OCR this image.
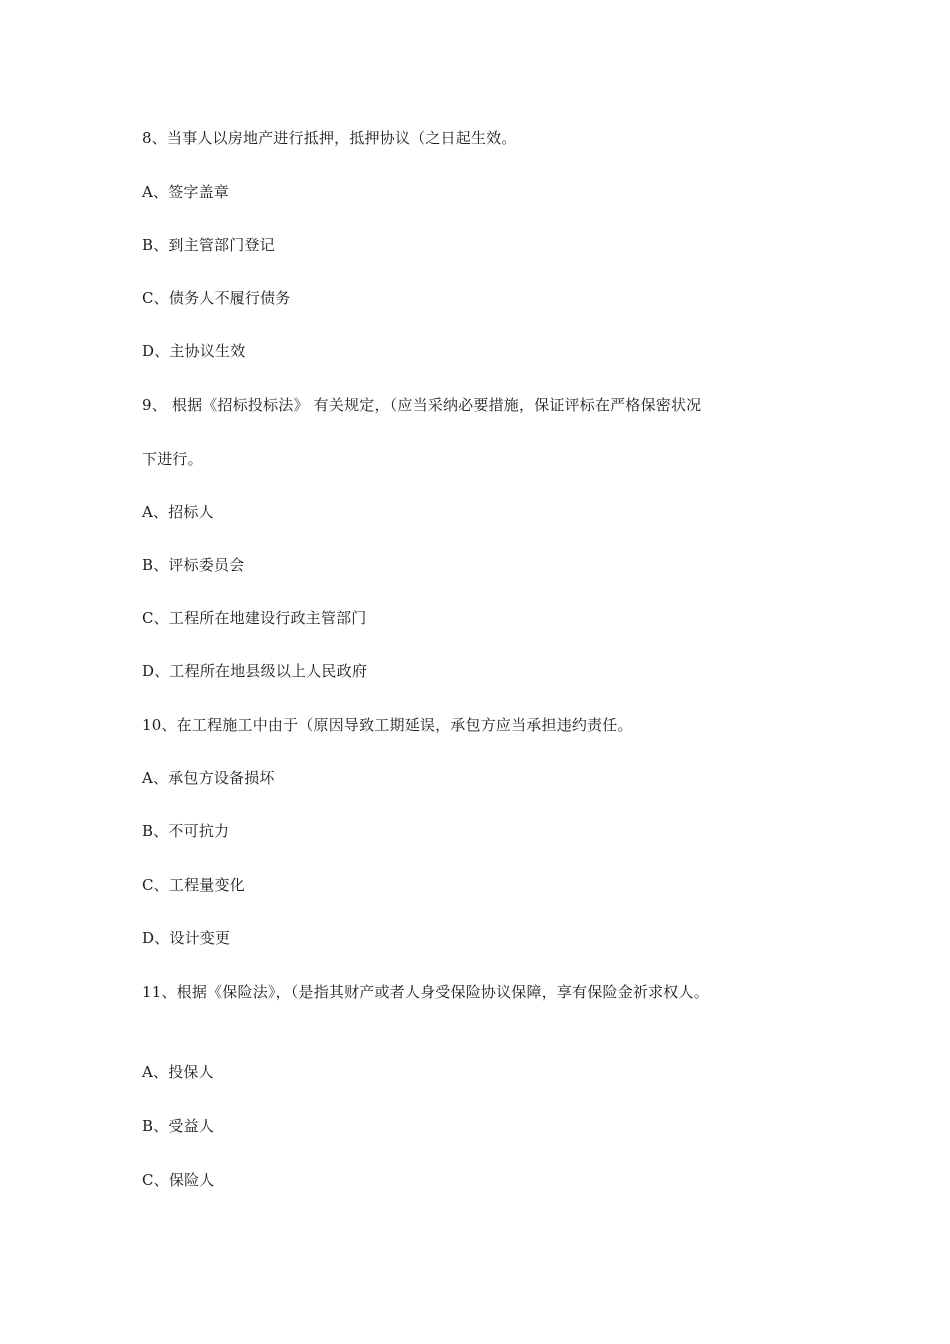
8、当事人以房地产进行抵押，抵押协议（之日起生效。
A、签字盖章
B、到主管部门登记
C、债务人不履行债务
D、主协议生效
9、 根据《招标投标法》 有关规定，（应当采纳必要措施，保证评标在严格保密状况
下进行。
A、招标人
B、评标委员会
C、工程所在地建设行政主管部门
D、工程所在地县级以上人民政府
10、在工程施工中由于（原因导致工期延误，承包方应当承担违约责任。
A、承包方设备损坏
B、不可抗力
C、工程量变化
D、设计变更
11、根据《保险法》，（是指其财产或者人身受保险协议保障，享有保险金祈求权人。
A、投保人
B、受益人
C、保险人
